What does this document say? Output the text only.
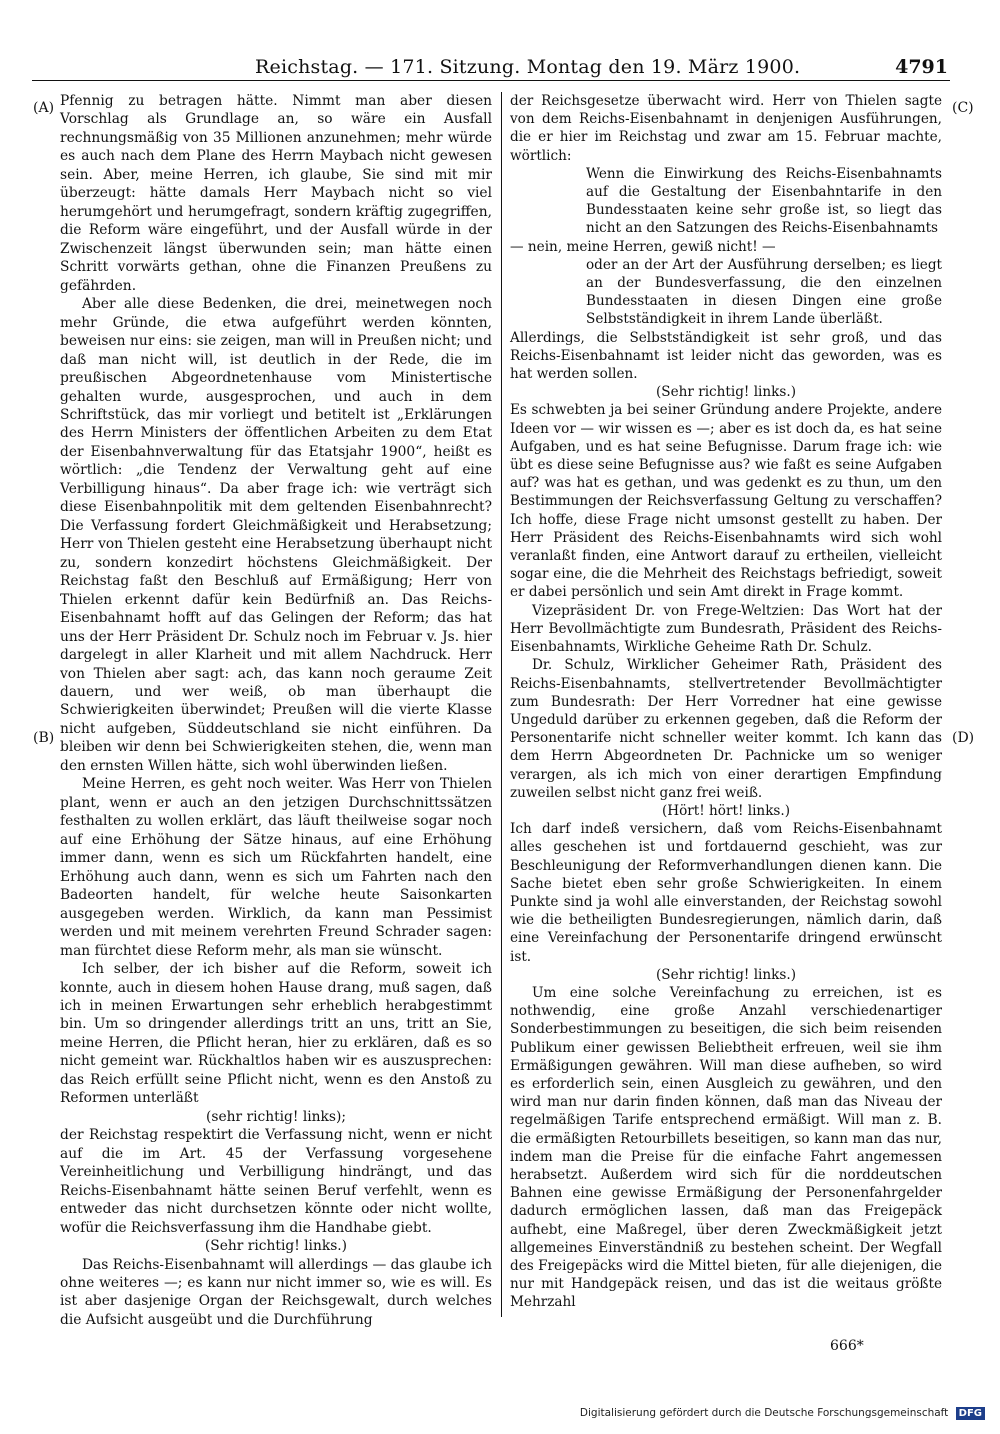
Reichstag. — 171. Sitzung. Montag den 19. März 1900.	4791
(A)
(B)
(C)
(D)

Pfennig zu betragen hätte. Nimmt man aber diesen Vorschlag als Grundlage an, so wäre ein Ausfall rechnungsmäßig von 35 Millionen anzunehmen; mehr würde es auch nach dem Plane des Herrn Maybach nicht gewesen sein. Aber, meine Herren, ich glaube, Sie sind mit mir überzeugt: hätte damals Herr Maybach nicht so viel herumgehört und herumgefragt, sondern kräftig zugegriffen, die Reform wäre eingeführt, und der Ausfall würde in der Zwischenzeit längst überwunden sein; man hätte einen Schritt vorwärts gethan, ohne die Finanzen Preußens zu gefährden.

Aber alle diese Bedenken, die drei, meinetwegen noch mehr Gründe, die etwa aufgeführt werden könnten, beweisen nur eins: sie zeigen, man will in Preußen nicht; und daß man nicht will, ist deutlich in der Rede, die im preußischen Abgeordnetenhause vom Ministertische gehalten wurde, ausgesprochen, und auch in dem Schriftstück, das mir vorliegt und betitelt ist „Erklärungen des Herrn Ministers der öffentlichen Arbeiten zu dem Etat der Eisenbahnverwaltung für das Etatsjahr 1900“, heißt es wörtlich: „die Tendenz der Verwaltung geht auf eine Verbilligung hinaus“. Da aber frage ich: wie verträgt sich diese Eisenbahnpolitik mit dem geltenden Eisenbahnrecht? Die Verfassung fordert Gleichmäßigkeit und Herabsetzung; Herr von Thielen gesteht eine Herabsetzung überhaupt nicht zu, sondern konzedirt höchstens Gleichmäßigkeit. Der Reichstag faßt den Beschluß auf Ermäßigung; Herr von Thielen erkennt dafür kein Bedürfniß an. Das Reichs-Eisenbahnamt hofft auf das Gelingen der Reform; das hat uns der Herr Präsident Dr. Schulz noch im Februar v. Js. hier dargelegt in aller Klarheit und mit allem Nachdruck. Herr von Thielen aber sagt: ach, das kann noch geraume Zeit dauern, und wer weiß, ob man überhaupt die Schwierigkeiten überwindet; Preußen will die vierte Klasse nicht aufgeben, Süddeutschland sie nicht einführen. Da bleiben wir denn bei Schwierigkeiten stehen, die, wenn man den ernsten Willen hätte, sich wohl überwinden ließen.

Meine Herren, es geht noch weiter. Was Herr von Thielen plant, wenn er auch an den jetzigen Durchschnittssätzen festhalten zu wollen erklärt, das läuft theilweise sogar noch auf eine Erhöhung der Sätze hinaus, auf eine Erhöhung immer dann, wenn es sich um Rückfahrten handelt, eine Erhöhung auch dann, wenn es sich um Fahrten nach den Badeorten handelt, für welche heute Saisonkarten ausgegeben werden. Wirklich, da kann man Pessimist werden und mit meinem verehrten Freund Schrader sagen: man fürchtet diese Reform mehr, als man sie wünscht.

Ich selber, der ich bisher auf die Reform, soweit ich konnte, auch in diesem hohen Hause drang, muß sagen, daß ich in meinen Erwartungen sehr erheblich herabgestimmt bin. Um so dringender allerdings tritt an uns, tritt an Sie, meine Herren, die Pflicht heran, hier zu erklären, daß es so nicht gemeint war. Rückhaltlos haben wir es auszusprechen: das Reich erfüllt seine Pflicht nicht, wenn es den Anstoß zu Reformen unterläßt

(sehr richtig! links);

der Reichstag respektirt die Verfassung nicht, wenn er nicht auf die im Art. 45 der Verfassung vorgesehene Vereinheitlichung und Verbilligung hindrängt, und das Reichs-Eisenbahnamt hätte seinen Beruf verfehlt, wenn es entweder das nicht durchsetzen könnte oder nicht wollte, wofür die Reichsverfassung ihm die Handhabe giebt.

(Sehr richtig! links.)

Das Reichs-Eisenbahnamt will allerdings — das glaube ich ohne weiteres —; es kann nur nicht immer so, wie es will. Es ist aber dasjenige Organ der Reichsgewalt, durch welches die Aufsicht ausgeübt und die Durchführung

der Reichsgesetze überwacht wird. Herr von Thielen sagte von dem Reichs-Eisenbahnamt in denjenigen Ausführungen, die er hier im Reichstag und zwar am 15. Februar machte, wörtlich:

Wenn die Einwirkung des Reichs-Eisenbahnamts auf die Gestaltung der Eisenbahntarife in den Bundesstaaten keine sehr große ist, so liegt das nicht an den Satzungen des Reichs-Eisenbahnamts

— nein, meine Herren, gewiß nicht! —

oder an der Art der Ausführung derselben; es liegt an der Bundesverfassung, die den einzelnen Bundesstaaten in diesen Dingen eine große Selbstständigkeit in ihrem Lande überläßt.

Allerdings, die Selbstständigkeit ist sehr groß, und das Reichs-Eisenbahnamt ist leider nicht das geworden, was es hat werden sollen.

(Sehr richtig! links.)

Es schwebten ja bei seiner Gründung andere Projekte, andere Ideen vor — wir wissen es —; aber es ist doch da, es hat seine Aufgaben, und es hat seine Befugnisse. Darum frage ich: wie übt es diese seine Befugnisse aus? wie faßt es seine Aufgaben auf? was hat es gethan, und was gedenkt es zu thun, um den Bestimmungen der Reichsverfassung Geltung zu verschaffen? Ich hoffe, diese Frage nicht umsonst gestellt zu haben. Der Herr Präsident des Reichs-Eisenbahnamts wird sich wohl veranlaßt finden, eine Antwort darauf zu ertheilen, vielleicht sogar eine, die die Mehrheit des Reichstags befriedigt, soweit er dabei persönlich und sein Amt direkt in Frage kommt.

Vizepräsident Dr. von Frege-Weltzien: Das Wort hat der Herr Bevollmächtigte zum Bundesrath, Präsident des Reichs-Eisenbahnamts, Wirkliche Geheime Rath Dr. Schulz.

Dr. Schulz, Wirklicher Geheimer Rath, Präsident des Reichs-Eisenbahnamts, stellvertretender Bevollmächtigter zum Bundesrath: Der Herr Vorredner hat eine gewisse Ungeduld darüber zu erkennen gegeben, daß die Reform der Personentarife nicht schneller weiter kommt. Ich kann das dem Herrn Abgeordneten Dr. Pachnicke um so weniger verargen, als ich mich von einer derartigen Empfindung zuweilen selbst nicht ganz frei weiß.

(Hört! hört! links.)

Ich darf indeß versichern, daß vom Reichs-Eisenbahnamt alles geschehen ist und fortdauernd geschieht, was zur Beschleunigung der Reformverhandlungen dienen kann. Die Sache bietet eben sehr große Schwierigkeiten. In einem Punkte sind ja wohl alle einverstanden, der Reichstag sowohl wie die betheiligten Bundesregierungen, nämlich darin, daß eine Vereinfachung der Personentarife dringend erwünscht ist.

(Sehr richtig! links.)

Um eine solche Vereinfachung zu erreichen, ist es nothwendig, eine große Anzahl verschiedenartiger Sonderbestimmungen zu beseitigen, die sich beim reisenden Publikum einer gewissen Beliebtheit erfreuen, weil sie ihm Ermäßigungen gewähren. Will man diese aufheben, so wird es erforderlich sein, einen Ausgleich zu gewähren, und den wird man nur darin finden können, daß man das Niveau der regelmäßigen Tarife entsprechend ermäßigt. Will man z. B. die ermäßigten Retourbillets beseitigen, so kann man das nur, indem man die Preise für die einfache Fahrt angemessen herabsetzt. Außerdem wird sich für die norddeutschen Bahnen eine gewisse Ermäßigung der Personenfahrgelder dadurch ermöglichen lassen, daß man das Freigepäck aufhebt, eine Maßregel, über deren Zweckmäßigkeit jetzt allgemeines Einverständniß zu bestehen scheint. Der Wegfall des Freigepäcks wird die Mittel bieten, für alle diejenigen, die nur mit Handgepäck reisen, und das ist die weitaus größte Mehrzahl

666*
Digitalisierung gefördert durch die Deutsche Forschungsgemeinschaft DFG
